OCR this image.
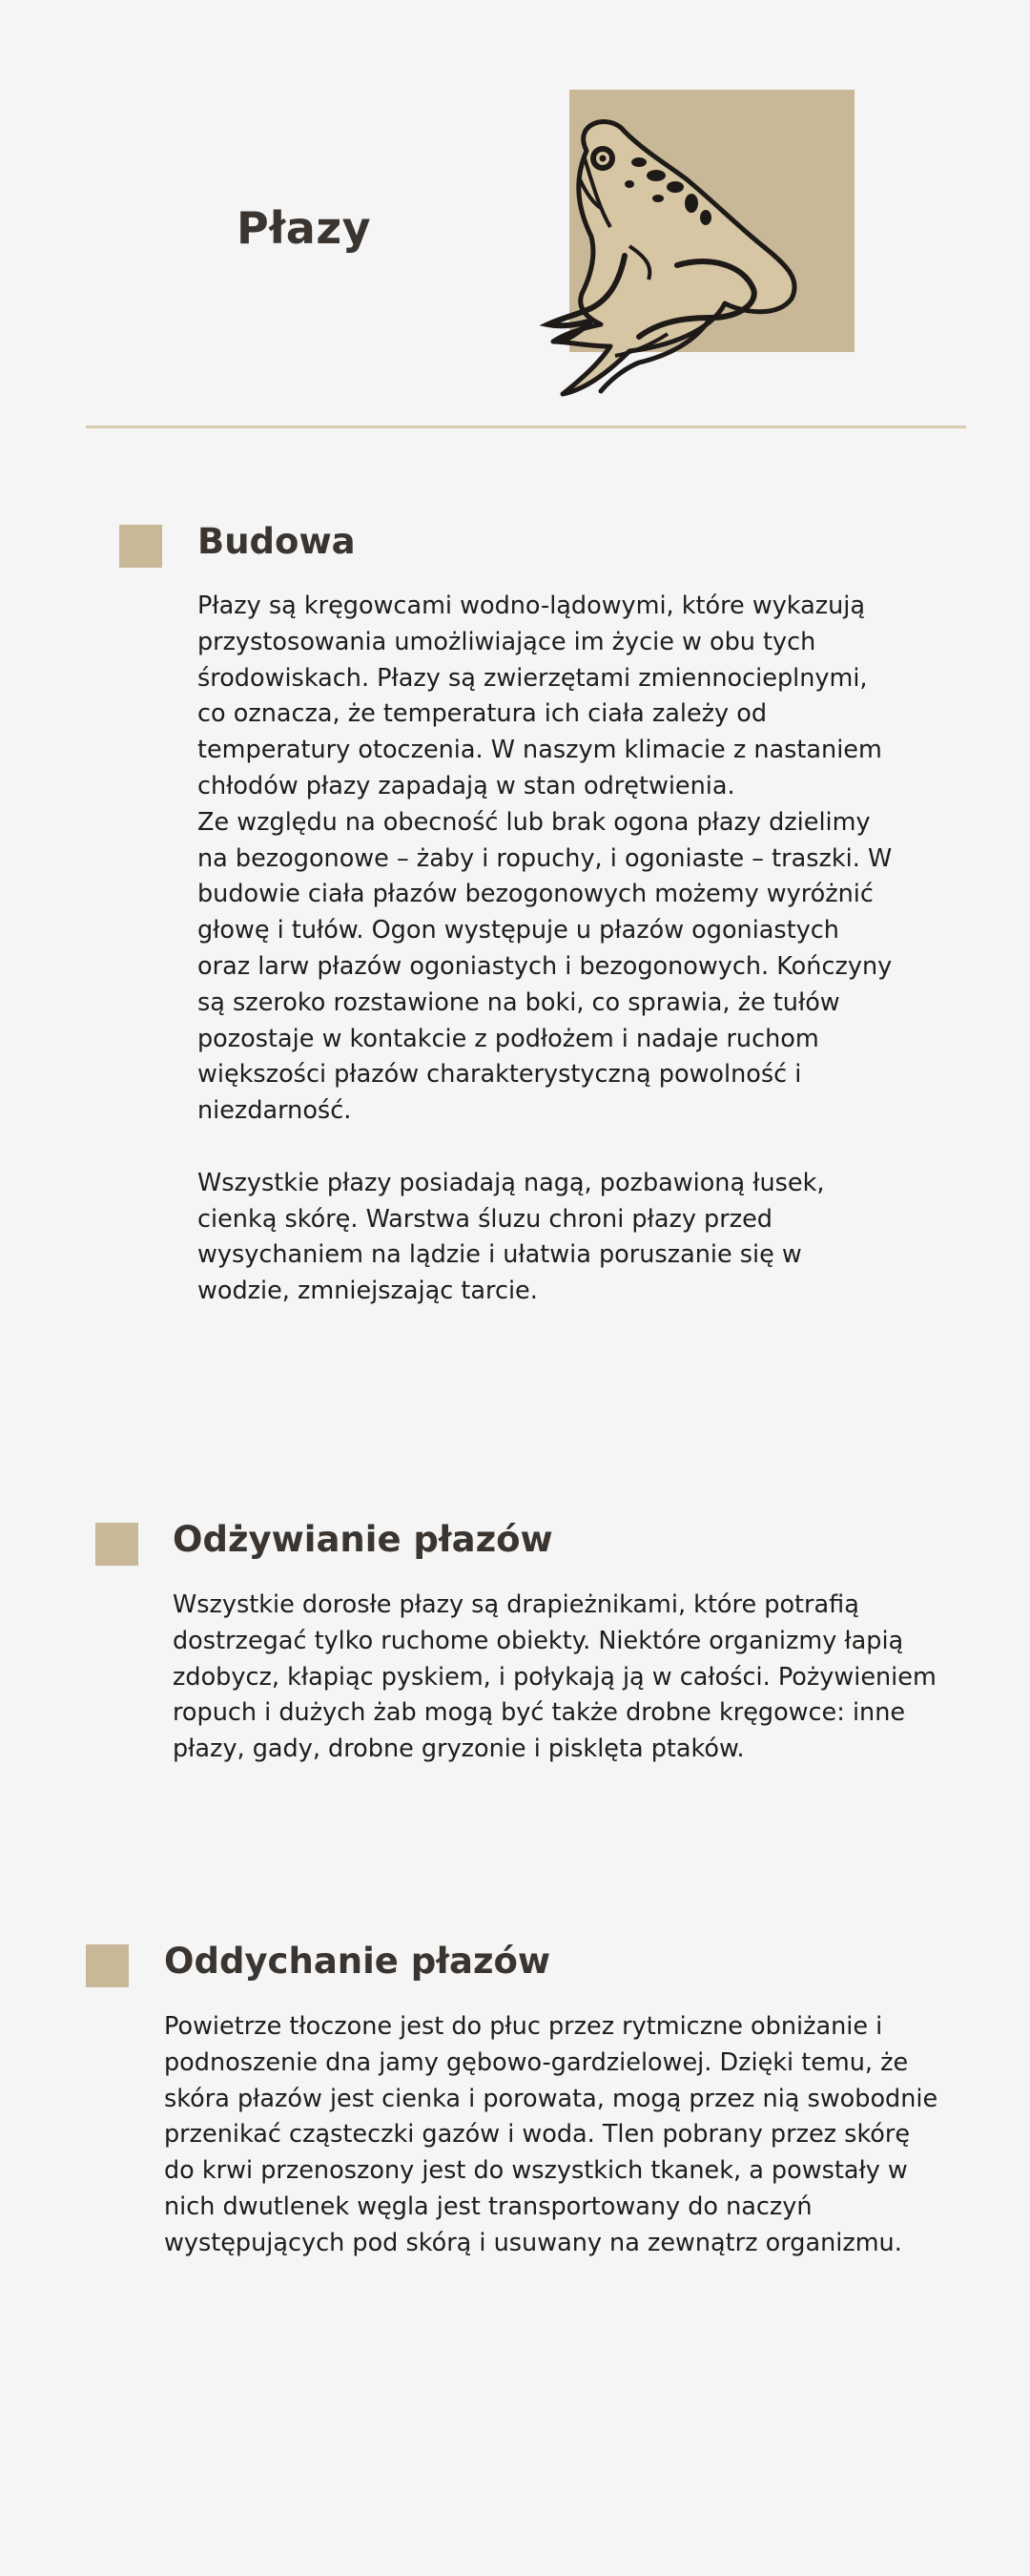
Płazy
Budowa

Płazy są kręgowcami wodno-lądowymi, które wykazują przystosowania umożliwiające im życie w obu tych środowiskach. Płazy są zwierzętami zmiennocieplnymi, co oznacza, że temperatura ich ciała zależy od temperatury otoczenia. W naszym klimacie z nastaniem chłodów płazy zapadają w stan odrętwienia.

Ze względu na obecność lub brak ogona płazy dzielimy na bezogonowe – żaby i ropuchy, i ogoniaste – traszki. W budowie ciała płazów bezogonowych możemy wyróżnić głowę i tułów. Ogon występuje u płazów ogoniastych oraz larw płazów ogoniastych i bezogonowych. Kończyny są szeroko rozstawione na boki, co sprawia, że tułów pozostaje w kontakcie z podłożem i nadaje ruchom większości płazów charakterystyczną powolność i niezdarność.

Wszystkie płazy posiadają nagą, pozbawioną łusek, cienką skórę. Warstwa śluzu chroni płazy przed wysychaniem na lądzie i ułatwia poruszanie się w wodzie, zmniejszając tarcie.

Odżywianie płazów

Wszystkie dorosłe płazy są drapieżnikami, które potrafią dostrzegać tylko ruchome obiekty. Niektóre organizmy łapią zdobycz, kłapiąc pyskiem, i połykają ją w całości. Pożywieniem ropuch i dużych żab mogą być także drobne kręgowce: inne płazy, gady, drobne gryzonie i pisklęta ptaków.

Oddychanie płazów

Powietrze tłoczone jest do płuc przez rytmiczne obniżanie i podnoszenie dna jamy gębowo-gardzielowej. Dzięki temu, że skóra płazów jest cienka i porowata, mogą przez nią swobodnie przenikać cząsteczki gazów i woda. Tlen pobrany przez skórę do krwi przenoszony jest do wszystkich tkanek, a powstały w nich dwutlenek węgla jest transportowany do naczyń występujących pod skórą i usuwany na zewnątrz organizmu.
